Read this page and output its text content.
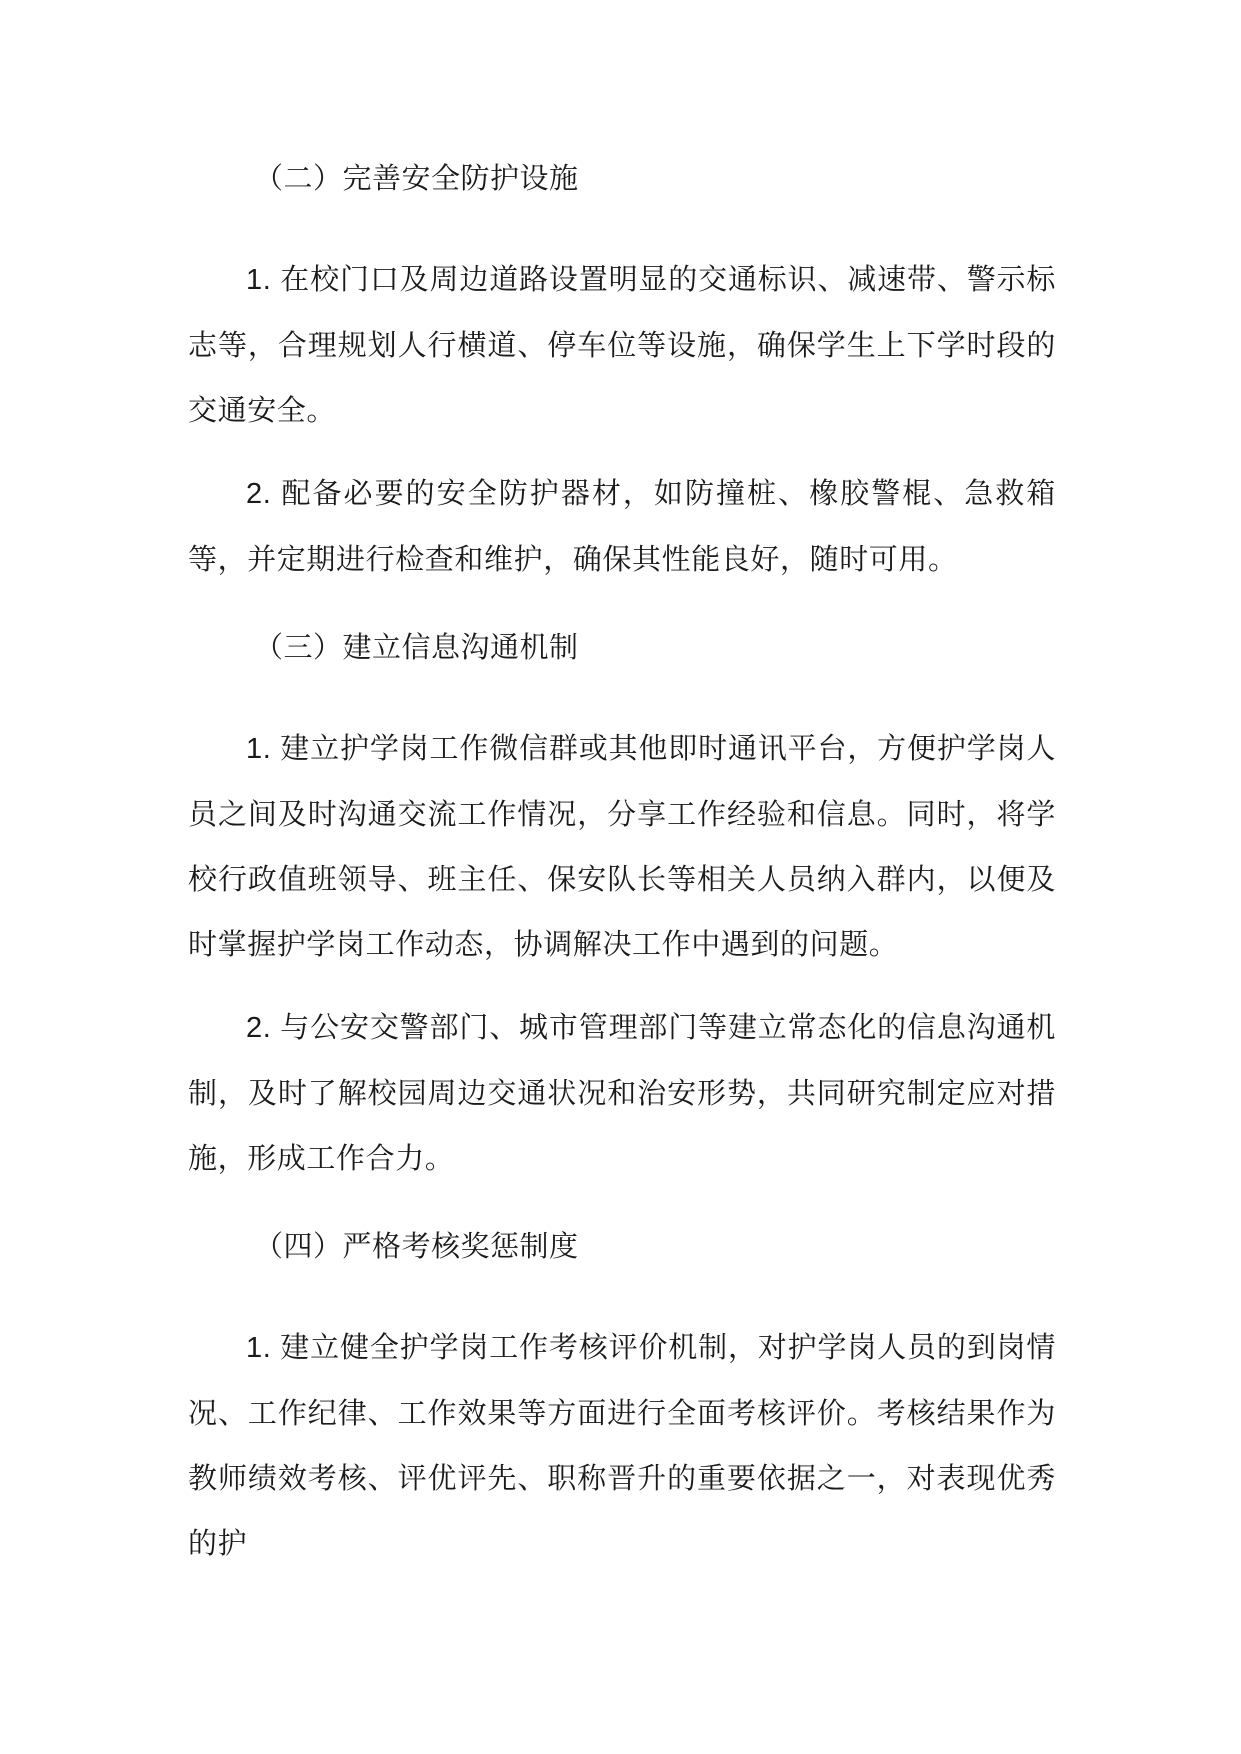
（二）完善安全防护设施

1. 在校门口及周边道路设置明显的交通标识、减速带、警示标志等，合理规划人行横道、停车位等设施，确保学生上下学时段的交通安全。

2. 配备必要的安全防护器材，如防撞桩、橡胶警棍、急救箱等，并定期进行检查和维护，确保其性能良好，随时可用。

（三）建立信息沟通机制

1. 建立护学岗工作微信群或其他即时通讯平台，方便护学岗人员之间及时沟通交流工作情况，分享工作经验和信息。同时，将学校行政值班领导、班主任、保安队长等相关人员纳入群内，以便及时掌握护学岗工作动态，协调解决工作中遇到的问题。

2. 与公安交警部门、城市管理部门等建立常态化的信息沟通机制，及时了解校园周边交通状况和治安形势，共同研究制定应对措施，形成工作合力。

（四）严格考核奖惩制度

1. 建立健全护学岗工作考核评价机制，对护学岗人员的到岗情况、工作纪律、工作效果等方面进行全面考核评价。考核结果作为教师绩效考核、评优评先、职称晋升的重要依据之一，对表现优秀的护
